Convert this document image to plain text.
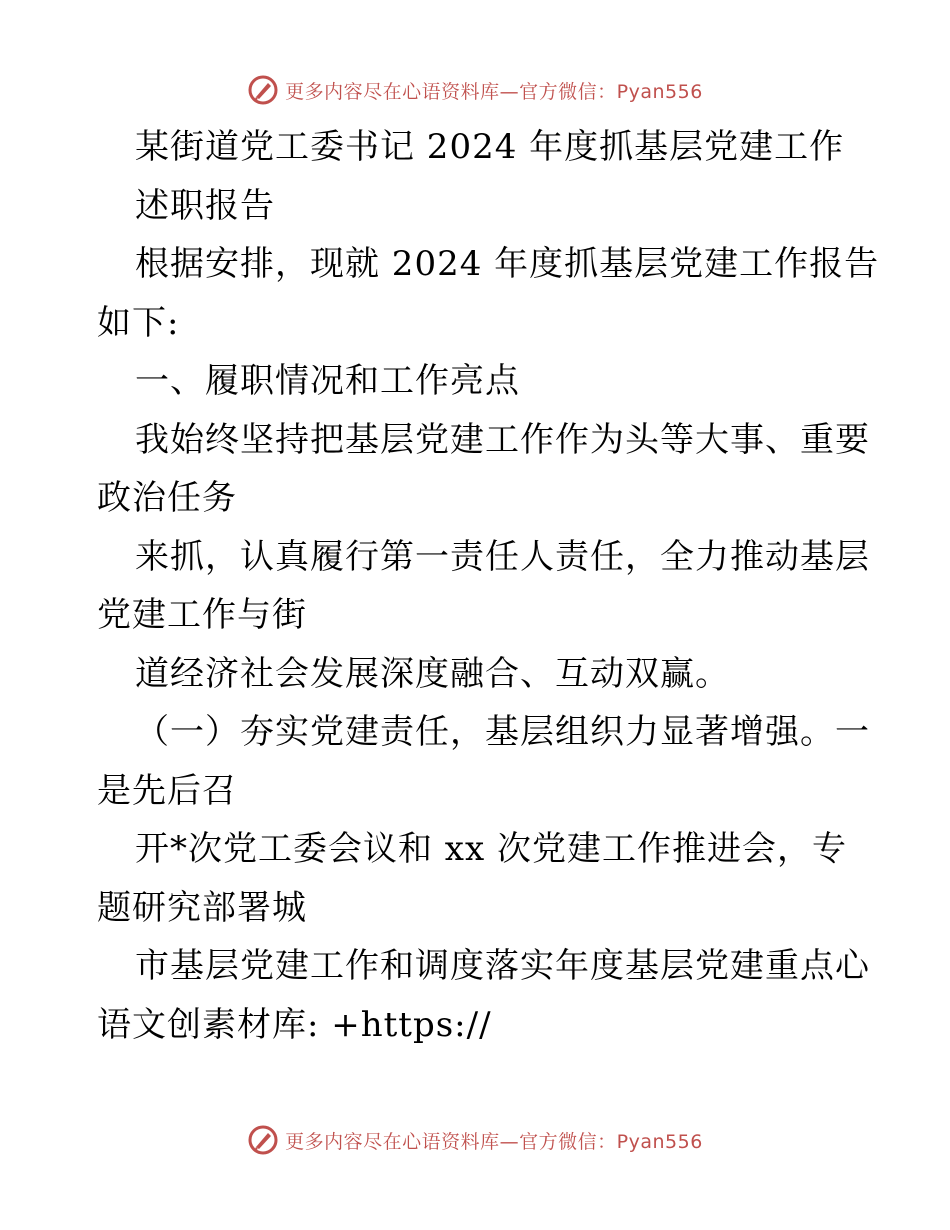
更多内容尽在心语资料库—官方微信：Pyan556
某街道党工委书记 2024 年度抓基层党建工作
述职报告
根据安排，现就 2024 年度抓基层党建工作报告
如下:
一、履职情况和工作亮点
我始终坚持把基层党建工作作为头等大事、重要
政治任务
来抓，认真履行第一责任人责任，全力推动基层
党建工作与街
道经济社会发展深度融合、互动双赢。
（一）夯实党建责任，基层组织力显著增强。一
是先后召
开*次党工委会议和 xx 次党建工作推进会，专
题研究部署城
市基层党建工作和调度落实年度基层党建重点心
语文创素材库: +https://
更多内容尽在心语资料库—官方微信：Pyan556
